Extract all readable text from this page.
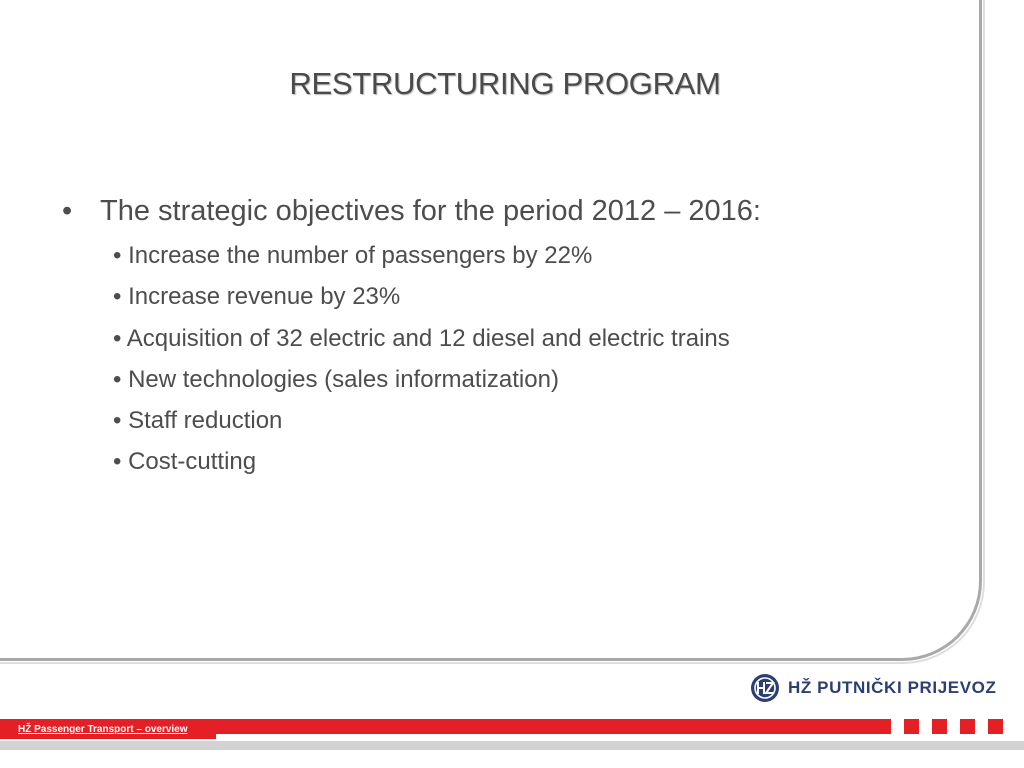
RESTRUCTURING PROGRAM
• The strategic objectives for the period 2012 – 2016:
• Increase the number of passengers by 22%
• Increase revenue by 23%
• Acquisition of 32 electric and 12 diesel and electric trains
• New technologies (sales informatization)
• Staff reduction
• Cost-cutting
HŽ PUTNIČKI PRIJEVOZ
HŽ Passenger Transport – overview
